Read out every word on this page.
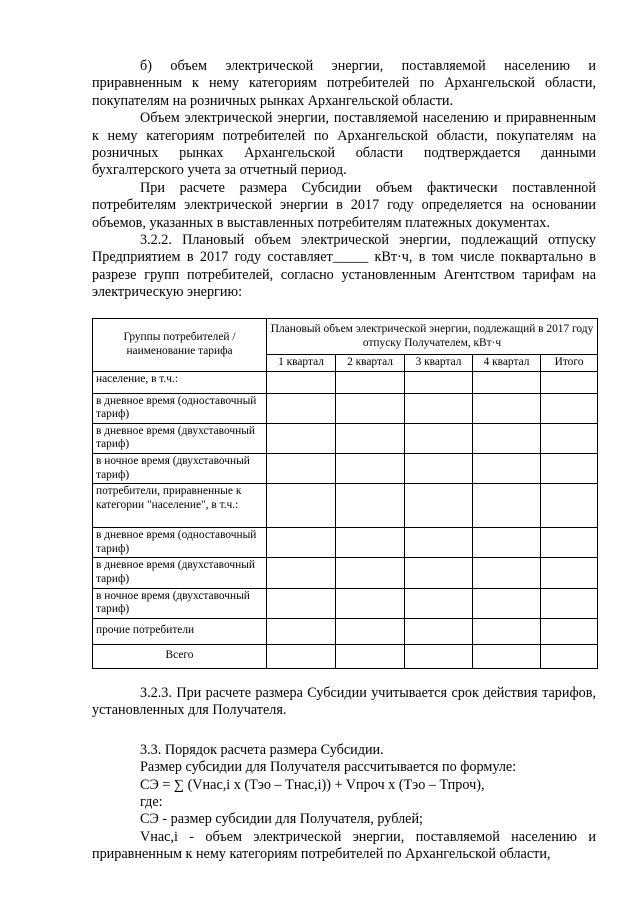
б) объем электрической энергии, поставляемой населению и приравненным к нему категориям потребителей по Архангельской области, покупателям на розничных рынках Архангельской области.

Объем электрической энергии, поставляемой населению и приравненным к нему категориям потребителей по Архангельской области, покупателям на розничных рынках Архангельской области подтверждается данными бухгалтерского учета за отчетный период.

При расчете размера Субсидии объем фактически поставленной потребителям электрической энергии в 2017 году определяется на основании объемов, указанных в выставленных потребителям платежных документах.

3.2.2. Плановый объем электрической энергии, подлежащий отпуску Предприятием в 2017 году составляет_____ кВт·ч, в том числе поквартально в разрезе групп потребителей, согласно установленным Агентством тарифам на электрическую энергию:

Группы потребителей / наименование тарифа	Плановый объем электрической энергии, подлежащий в 2017 году отпуску Получателем, кВт·ч				
	1 квартал	2 квартал	3 квартал	4 квартал	Итого
население, в т.ч.:					
в дневное время (одноставочный тариф)					
в дневное время (двухставочный тариф)					
в ночное время (двухставочный тариф)					
потребители, приравненные к категории "население", в т.ч.:					
в дневное время (одноставочный тариф)					
в дневное время (двухставочный тариф)					
в ночное время (двухставочный тариф)					
прочие потребители					
Всего					

3.2.3. При расчете размера Субсидии учитывается срок действия тарифов, установленных для Получателя.

3.3. Порядок расчета размера Субсидии.

Размер субсидии для Получателя рассчитывается по формуле:

СЭ = ∑ (Vнас,i x (Тэо – Тнас,i)) + Vпроч x (Тэо – Тпроч),

где:

СЭ - размер субсидии для Получателя, рублей;

Vнас,i - объем электрической энергии, поставляемой населению и приравненным к нему категориям потребителей по Архангельской области,
